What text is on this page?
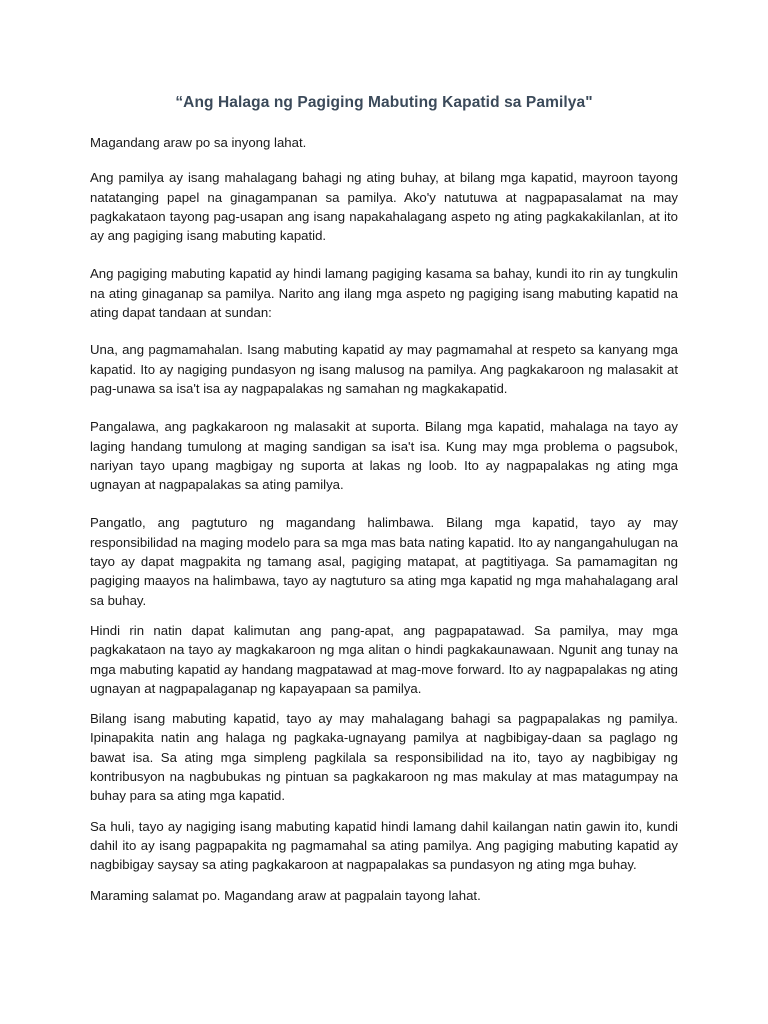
“Ang Halaga ng Pagiging Mabuting Kapatid sa Pamilya"

Magandang araw po sa inyong lahat.

Ang pamilya ay isang mahalagang bahagi ng ating buhay, at bilang mga kapatid, mayroon tayong natatanging papel na ginagampanan sa pamilya. Ako'y natutuwa at nagpapasalamat na may pagkakataon tayong pag-usapan ang isang napakahalagang aspeto ng ating pagkakakilanlan, at ito ay ang pagiging isang mabuting kapatid.

Ang pagiging mabuting kapatid ay hindi lamang pagiging kasama sa bahay, kundi ito rin ay tungkulin na ating ginaganap sa pamilya. Narito ang ilang mga aspeto ng pagiging isang mabuting kapatid na ating dapat tandaan at sundan:

Una, ang pagmamahalan. Isang mabuting kapatid ay may pagmamahal at respeto sa kanyang mga kapatid. Ito ay nagiging pundasyon ng isang malusog na pamilya. Ang pagkakaroon ng malasakit at pag-unawa sa isa't isa ay nagpapalakas ng samahan ng magkakapatid.

Pangalawa, ang pagkakaroon ng malasakit at suporta. Bilang mga kapatid, mahalaga na tayo ay laging handang tumulong at maging sandigan sa isa't isa. Kung may mga problema o pagsubok, nariyan tayo upang magbigay ng suporta at lakas ng loob. Ito ay nagpapalakas ng ating mga ugnayan at nagpapalakas sa ating pamilya.

Pangatlo, ang pagtuturo ng magandang halimbawa. Bilang mga kapatid, tayo ay may responsibilidad na maging modelo para sa mga mas bata nating kapatid. Ito ay nangangahulugan na tayo ay dapat magpakita ng tamang asal, pagiging matapat, at pagtitiyaga. Sa pamamagitan ng pagiging maayos na halimbawa, tayo ay nagtuturo sa ating mga kapatid ng mga mahahalagang aral sa buhay.

Hindi rin natin dapat kalimutan ang pang-apat, ang pagpapatawad. Sa pamilya, may mga pagkakataon na tayo ay magkakaroon ng mga alitan o hindi pagkakaunawaan. Ngunit ang tunay na mga mabuting kapatid ay handang magpatawad at mag-move forward. Ito ay nagpapalakas ng ating ugnayan at nagpapalaganap ng kapayapaan sa pamilya.

Bilang isang mabuting kapatid, tayo ay may mahalagang bahagi sa pagpapalakas ng pamilya. Ipinapakita natin ang halaga ng pagkaka-ugnayang pamilya at nagbibigay-daan sa paglago ng bawat isa. Sa ating mga simpleng pagkilala sa responsibilidad na ito, tayo ay nagbibigay ng kontribusyon na nagbubukas ng pintuan sa pagkakaroon ng mas makulay at mas matagumpay na buhay para sa ating mga kapatid.

Sa huli, tayo ay nagiging isang mabuting kapatid hindi lamang dahil kailangan natin gawin ito, kundi dahil ito ay isang pagpapakita ng pagmamahal sa ating pamilya. Ang pagiging mabuting kapatid ay nagbibigay saysay sa ating pagkakaroon at nagpapalakas sa pundasyon ng ating mga buhay.

Maraming salamat po. Magandang araw at pagpalain tayong lahat.
